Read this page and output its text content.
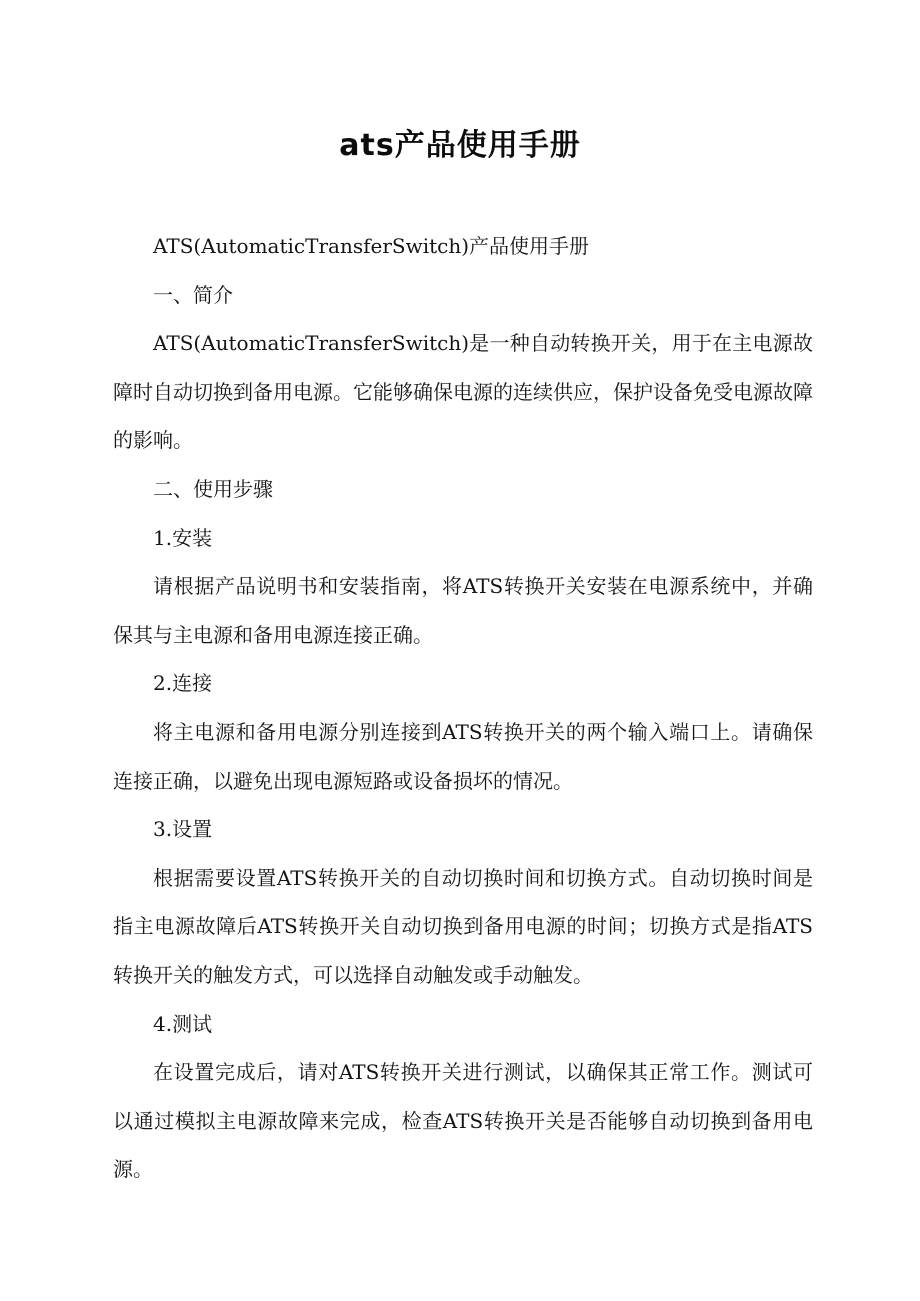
ats产品使用手册

ATS(AutomaticTransferSwitch)产品使用手册

一、简介

ATS(AutomaticTransferSwitch)是一种自动转换开关，用于在主电源故障时自动切换到备用电源。它能够确保电源的连续供应，保护设备免受电源故障的影响。

二、使用步骤

1.安装

请根据产品说明书和安装指南，将ATS转换开关安装在电源系统中，并确保其与主电源和备用电源连接正确。

2.连接

将主电源和备用电源分别连接到ATS转换开关的两个输入端口上。请确保连接正确，以避免出现电源短路或设备损坏的情况。

3.设置

根据需要设置ATS转换开关的自动切换时间和切换方式。自动切换时间是指主电源故障后ATS转换开关自动切换到备用电源的时间；切换方式是指ATS转换开关的触发方式，可以选择自动触发或手动触发。

4.测试

在设置完成后，请对ATS转换开关进行测试，以确保其正常工作。测试可以通过模拟主电源故障来完成，检查ATS转换开关是否能够自动切换到备用电源。
